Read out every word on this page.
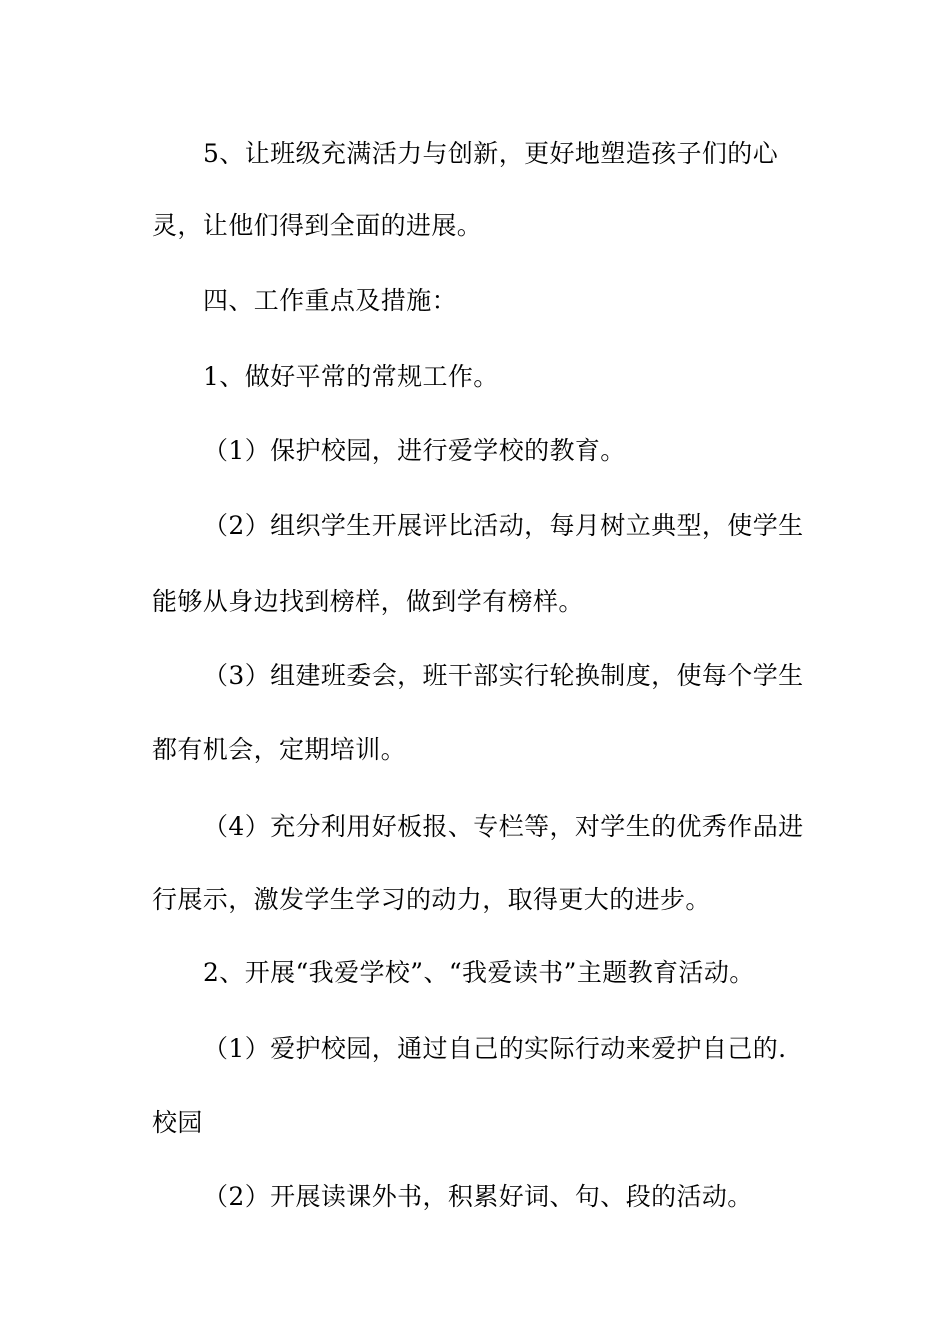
5、让班级充满活力与创新，更好地塑造孩子们的心
灵，让他们得到全面的进展。
四、工作重点及措施：
1、做好平常的常规工作。
（1）保护校园，进行爱学校的教育。
（2）组织学生开展评比活动，每月树立典型，使学生
能够从身边找到榜样，做到学有榜样。
（3）组建班委会，班干部实行轮换制度，使每个学生
都有机会，定期培训。
（4）充分利用好板报、专栏等，对学生的优秀作品进
行展示，激发学生学习的动力，取得更大的进步。
2、开展“我爱学校”、“我爱读书”主题教育活动。
（1）爱护校园，通过自己的实际行动来爱护自己的.
校园
（2）开展读课外书，积累好词、句、段的活动。
